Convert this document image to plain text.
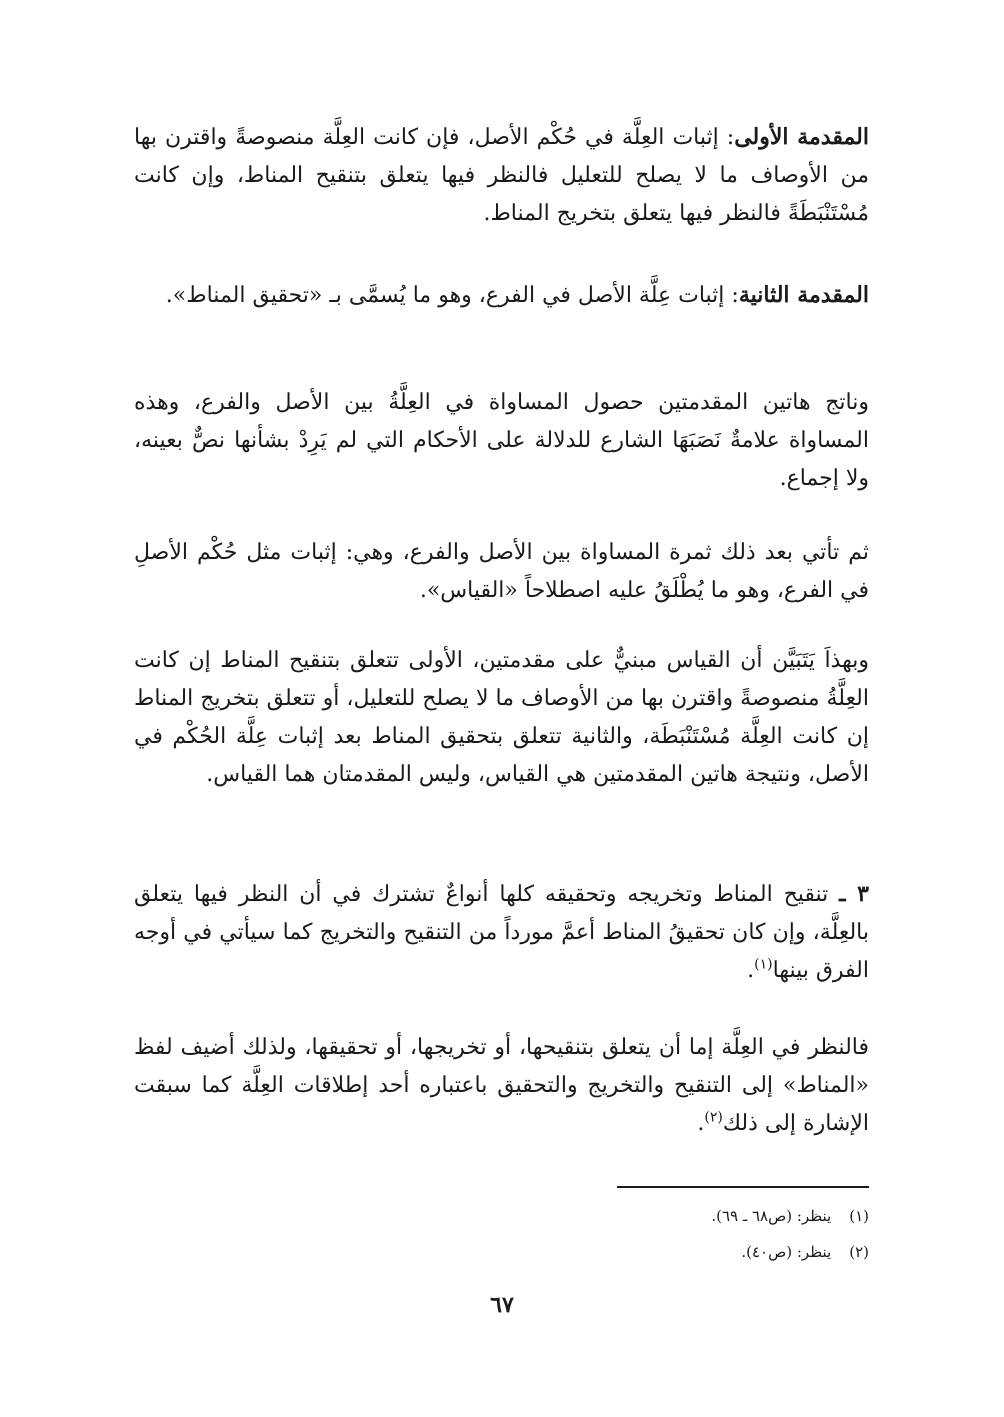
المقدمة الأولى: إثبات العِلَّة في حُكْم الأصل، فإن كانت العِلَّة منصوصةً واقترن بها من الأوصاف ما لا يصلح للتعليل فالنظر فيها يتعلق بتنقيح المناط، وإن كانت مُسْتَنْبَطَةً فالنظر فيها يتعلق بتخريج المناط.

المقدمة الثانية: إثبات عِلَّة الأصل في الفرع، وهو ما يُسمَّى بـ «تحقيق المناط».

وناتج هاتين المقدمتين حصول المساواة في العِلَّةُ بين الأصل والفرع، وهذه المساواة علامةٌ نَصَبَهَا الشارع للدلالة على الأحكام التي لم يَرِدْ بشأنها نصٌّ بعينه، ولا إجماع.

ثم تأتي بعد ذلك ثمرة المساواة بين الأصل والفرع، وهي: إثبات مثل حُكْم الأصلِ في الفرع، وهو ما يُطْلَقُ عليه اصطلاحاً «القياس».

وبهذاَ يَتَبَيَّن أن القياس مبنيٌّ على مقدمتين، الأولى تتعلق بتنقيح المناط إن كانت العِلَّةُ منصوصةً واقترن بها من الأوصاف ما لا يصلح للتعليل، أو تتعلق بتخريج المناط إن كانت العِلَّة مُسْتَنْبَطَة، والثانية تتعلق بتحقيق المناط بعد إثبات عِلَّة الحُكْم في الأصل، ونتيجة هاتين المقدمتين هي القياس، وليس المقدمتان هما القياس.

٣ ـ تنقيح المناط وتخريجه وتحقيقه كلها أنواعٌ تشترك في أن النظر فيها يتعلق بالعِلَّة، وإن كان تحقيقُ المناط أعمَّ مورداً من التنقيح والتخريج كما سيأتي في أوجه الفرق بينها$^{(١)}$.

فالنظر في العِلَّة إما أن يتعلق بتنقيحها، أو تخريجها، أو تحقيقها، ولذلك أضيف لفظ «المناط» إلى التنقيح والتخريج والتحقيق باعتباره أحد إطلاقات العِلَّة كما سبقت الإشارة إلى ذلك$^{(٢)}$.

(١)ينظر: (ص٦٨ ـ ٦٩).
(٢)ينظر: (ص٤٠).
٦٧
